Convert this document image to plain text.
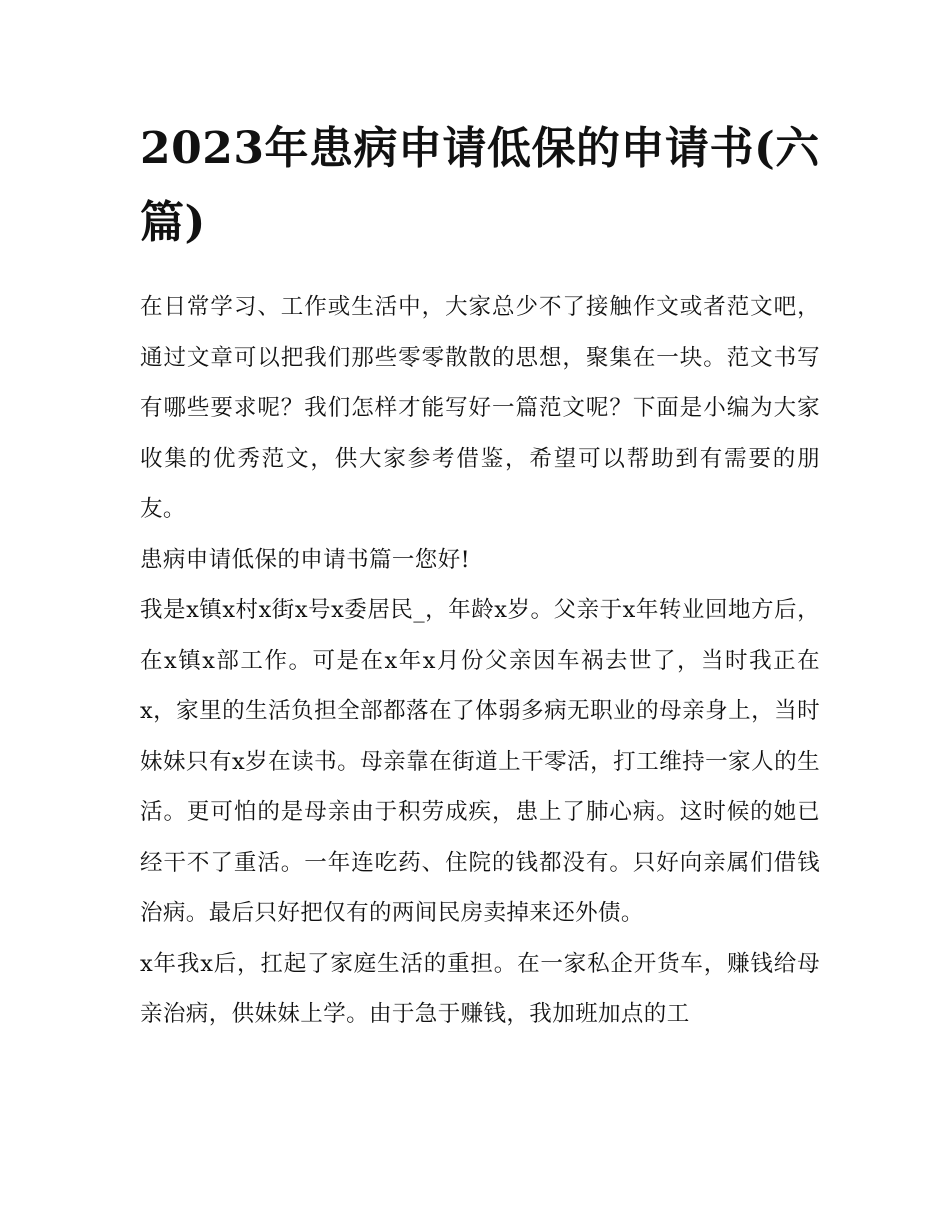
2023年患病申请低保的申请书(六篇)

在日常学习、工作或生活中，大家总少不了接触作文或者范文吧，通过文章可以把我们那些零零散散的思想，聚集在一块。范文书写有哪些要求呢？我们怎样才能写好一篇范文呢？下面是小编为大家收集的优秀范文，供大家参考借鉴，希望可以帮助到有需要的朋友。

患病申请低保的申请书篇一您好!

我是x镇x村x街x号x委居民_，年龄x岁。父亲于x年转业回地方后，在x镇x部工作。可是在x年x月份父亲因车祸去世了，当时我正在x，家里的生活负担全部都落在了体弱多病无职业的母亲身上，当时妹妹只有x岁在读书。母亲靠在街道上干零活，打工维持一家人的生活。更可怕的是母亲由于积劳成疾，患上了肺心病。这时候的她已经干不了重活。一年连吃药、住院的钱都没有。只好向亲属们借钱治病。最后只好把仅有的两间民房卖掉来还外债。

x年我x后，扛起了家庭生活的重担。在一家私企开货车，赚钱给母亲治病，供妹妹上学。由于急于赚钱，我加班加点的工
